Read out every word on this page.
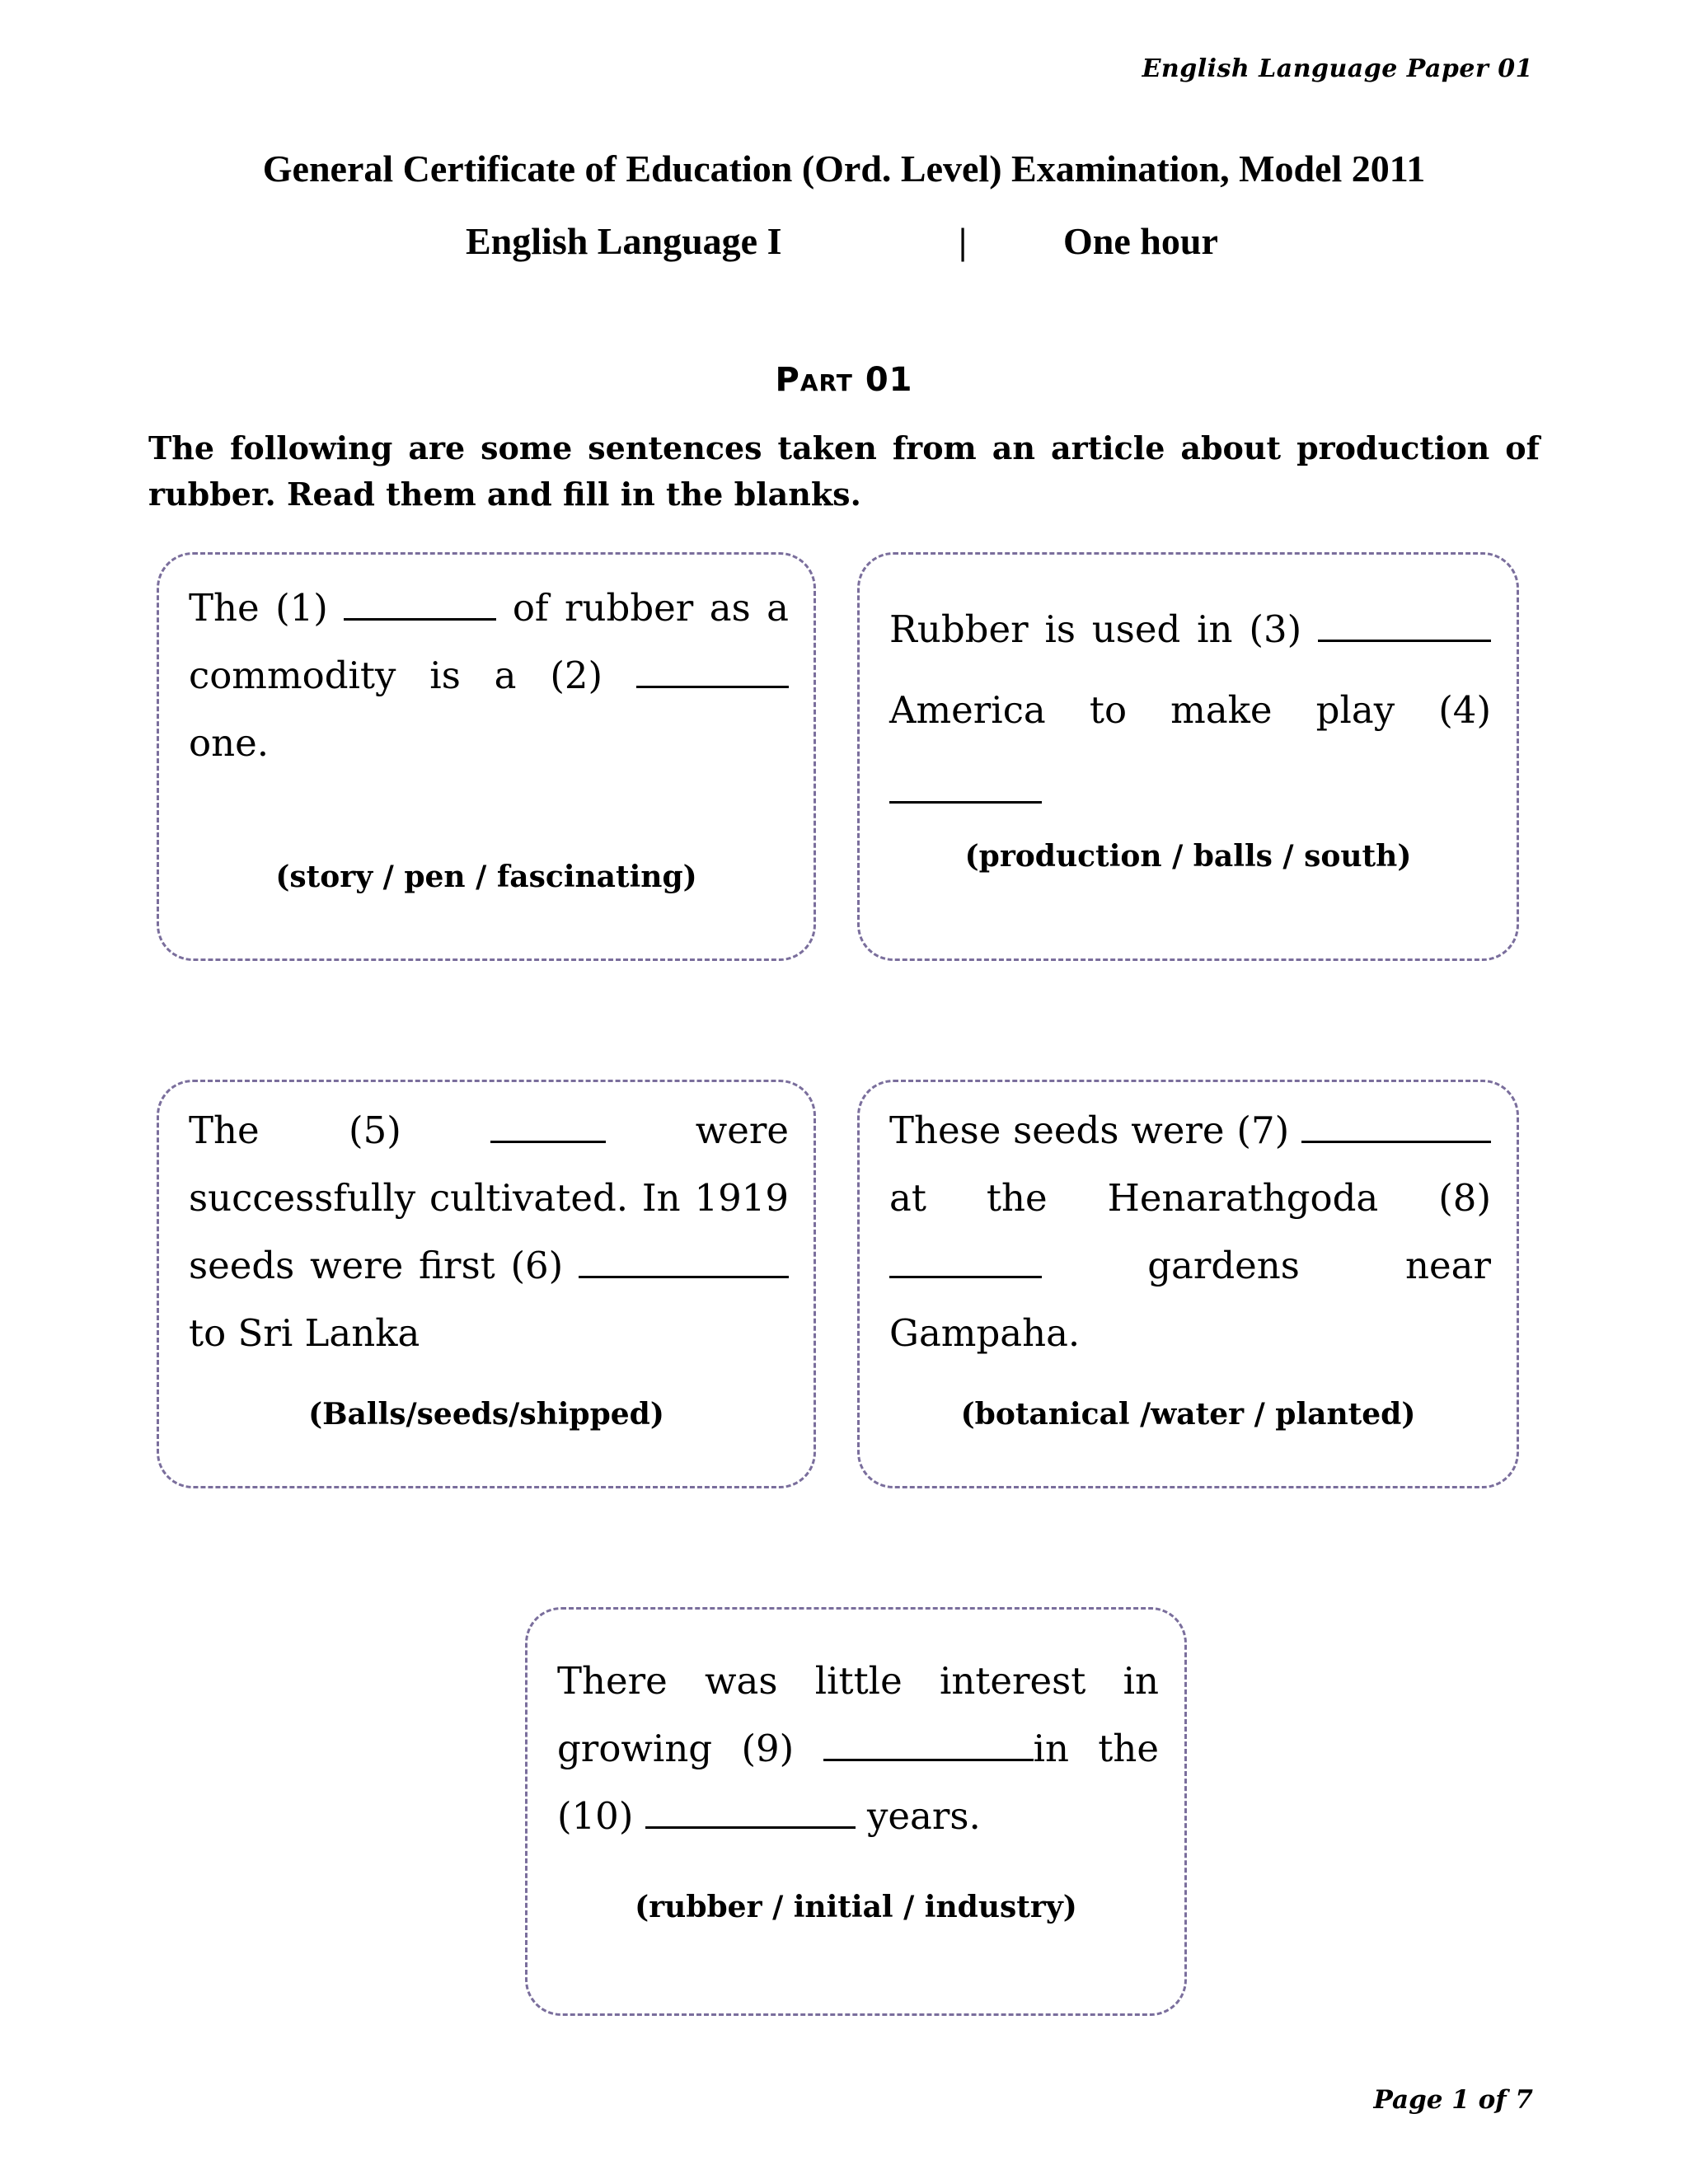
English Language Paper 01
General Certificate of Education (Ord. Level) Examination, Model 2011
English Language I	|	One hour
Part 01
The following are some sentences taken from an article about production of rubber. Read them and fill in the blanks.
The (1)	of rubber as a commodity is a (2)  one.
(story / pen / fascinating)
Rubber is used in (3)  America to make play (4)
(production / balls / south)
The (5)	were successfully cultivated. In 1919 seeds were first (6)  to Sri Lanka
(Balls/seeds/shipped)
These seeds were (7)  at the Henarathgoda (8)  gardens near Gampaha.
(botanical /water / planted)
There was little interest in growing (9)	in the (10)	years.
(rubber / initial / industry)
Page 1 of 7
